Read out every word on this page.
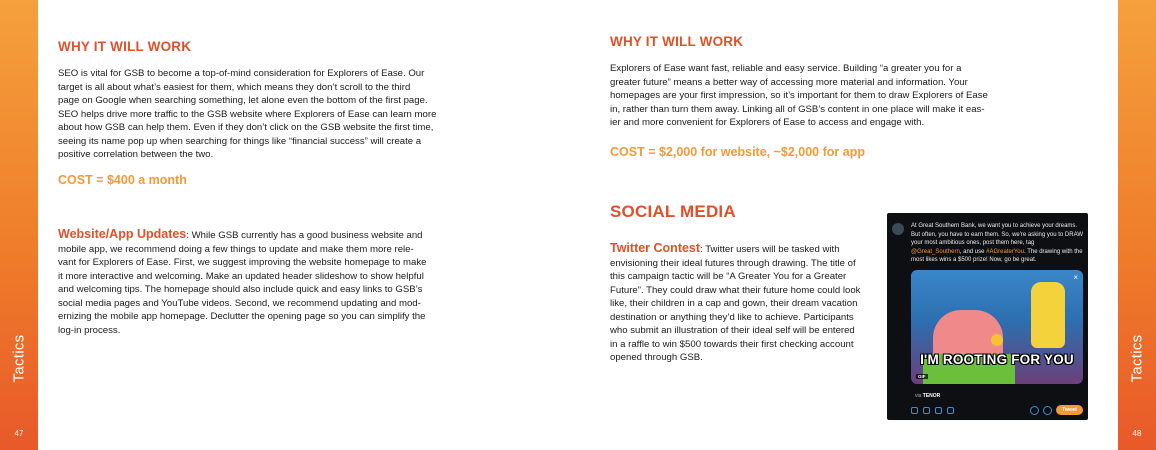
Tactics
47
Tactics
48
WHY IT WILL WORK
SEO is vital for GSB to become a top-of-mind consideration for Explorers of Ease. Our
target is all about what’s easiest for them, which means they don’t scroll to the third
page on Google when searching something, let alone even the bottom of the first page.
SEO helps drive more traffic to the GSB website where Explorers of Ease can learn more
about how GSB can help them. Even if they don’t click on the GSB website the first time,
seeing its name pop up when searching for things like “financial success” will create a
positive correlation between the two.
COST = $400 a month
Website/App Updates: While GSB currently has a good business website and
mobile app, we recommend doing a few things to update and make them more rele-
vant for Explorers of Ease. First, we suggest improving the website homepage to make
it more interactive and welcoming. Make an updated header slideshow to show helpful
and welcoming tips. The homepage should also include quick and easy links to GSB’s
social media pages and YouTube videos. Second, we recommend updating and mod-
ernizing the mobile app homepage. Declutter the opening page so you can simplify the
log-in process.
WHY IT WILL WORK
Explorers of Ease want fast, reliable and easy service. Building “a greater you for a
greater future” means a better way of accessing more material and information. Your
homepages are your first impression, so it’s important for them to draw Explorers of Ease
in, rather than turn them away. Linking all of GSB’s content in one place will make it eas-
ier and more convenient for Explorers of Ease to access and engage with.
COST = $2,000 for website, ~$2,000 for app
SOCIAL MEDIA
Twitter Contest: Twitter users will be tasked with
envisioning their ideal futures through drawing. The title of
this campaign tactic will be “A Greater You for a Greater
Future”. They could draw what their future home could look
like, their children in a cap and gown, their dream vacation
destination or anything they’d like to achieve. Participants
who submit an illustration of their ideal self will be entered
in a raffle to win $500 towards their first checking account
opened through GSB.
At Great Southern Bank, we want you to achieve your dreams. But often, you have to earn them. So, we're asking you to DRAW your most ambitious ones, post them here, tag @Great_Southern, and use #AGreaterYou. The drawing with the most likes wins a $500 prize! Now, go be great.
×
I'M ROOTING FOR YOU
GIF
via TENOR
Tweet
